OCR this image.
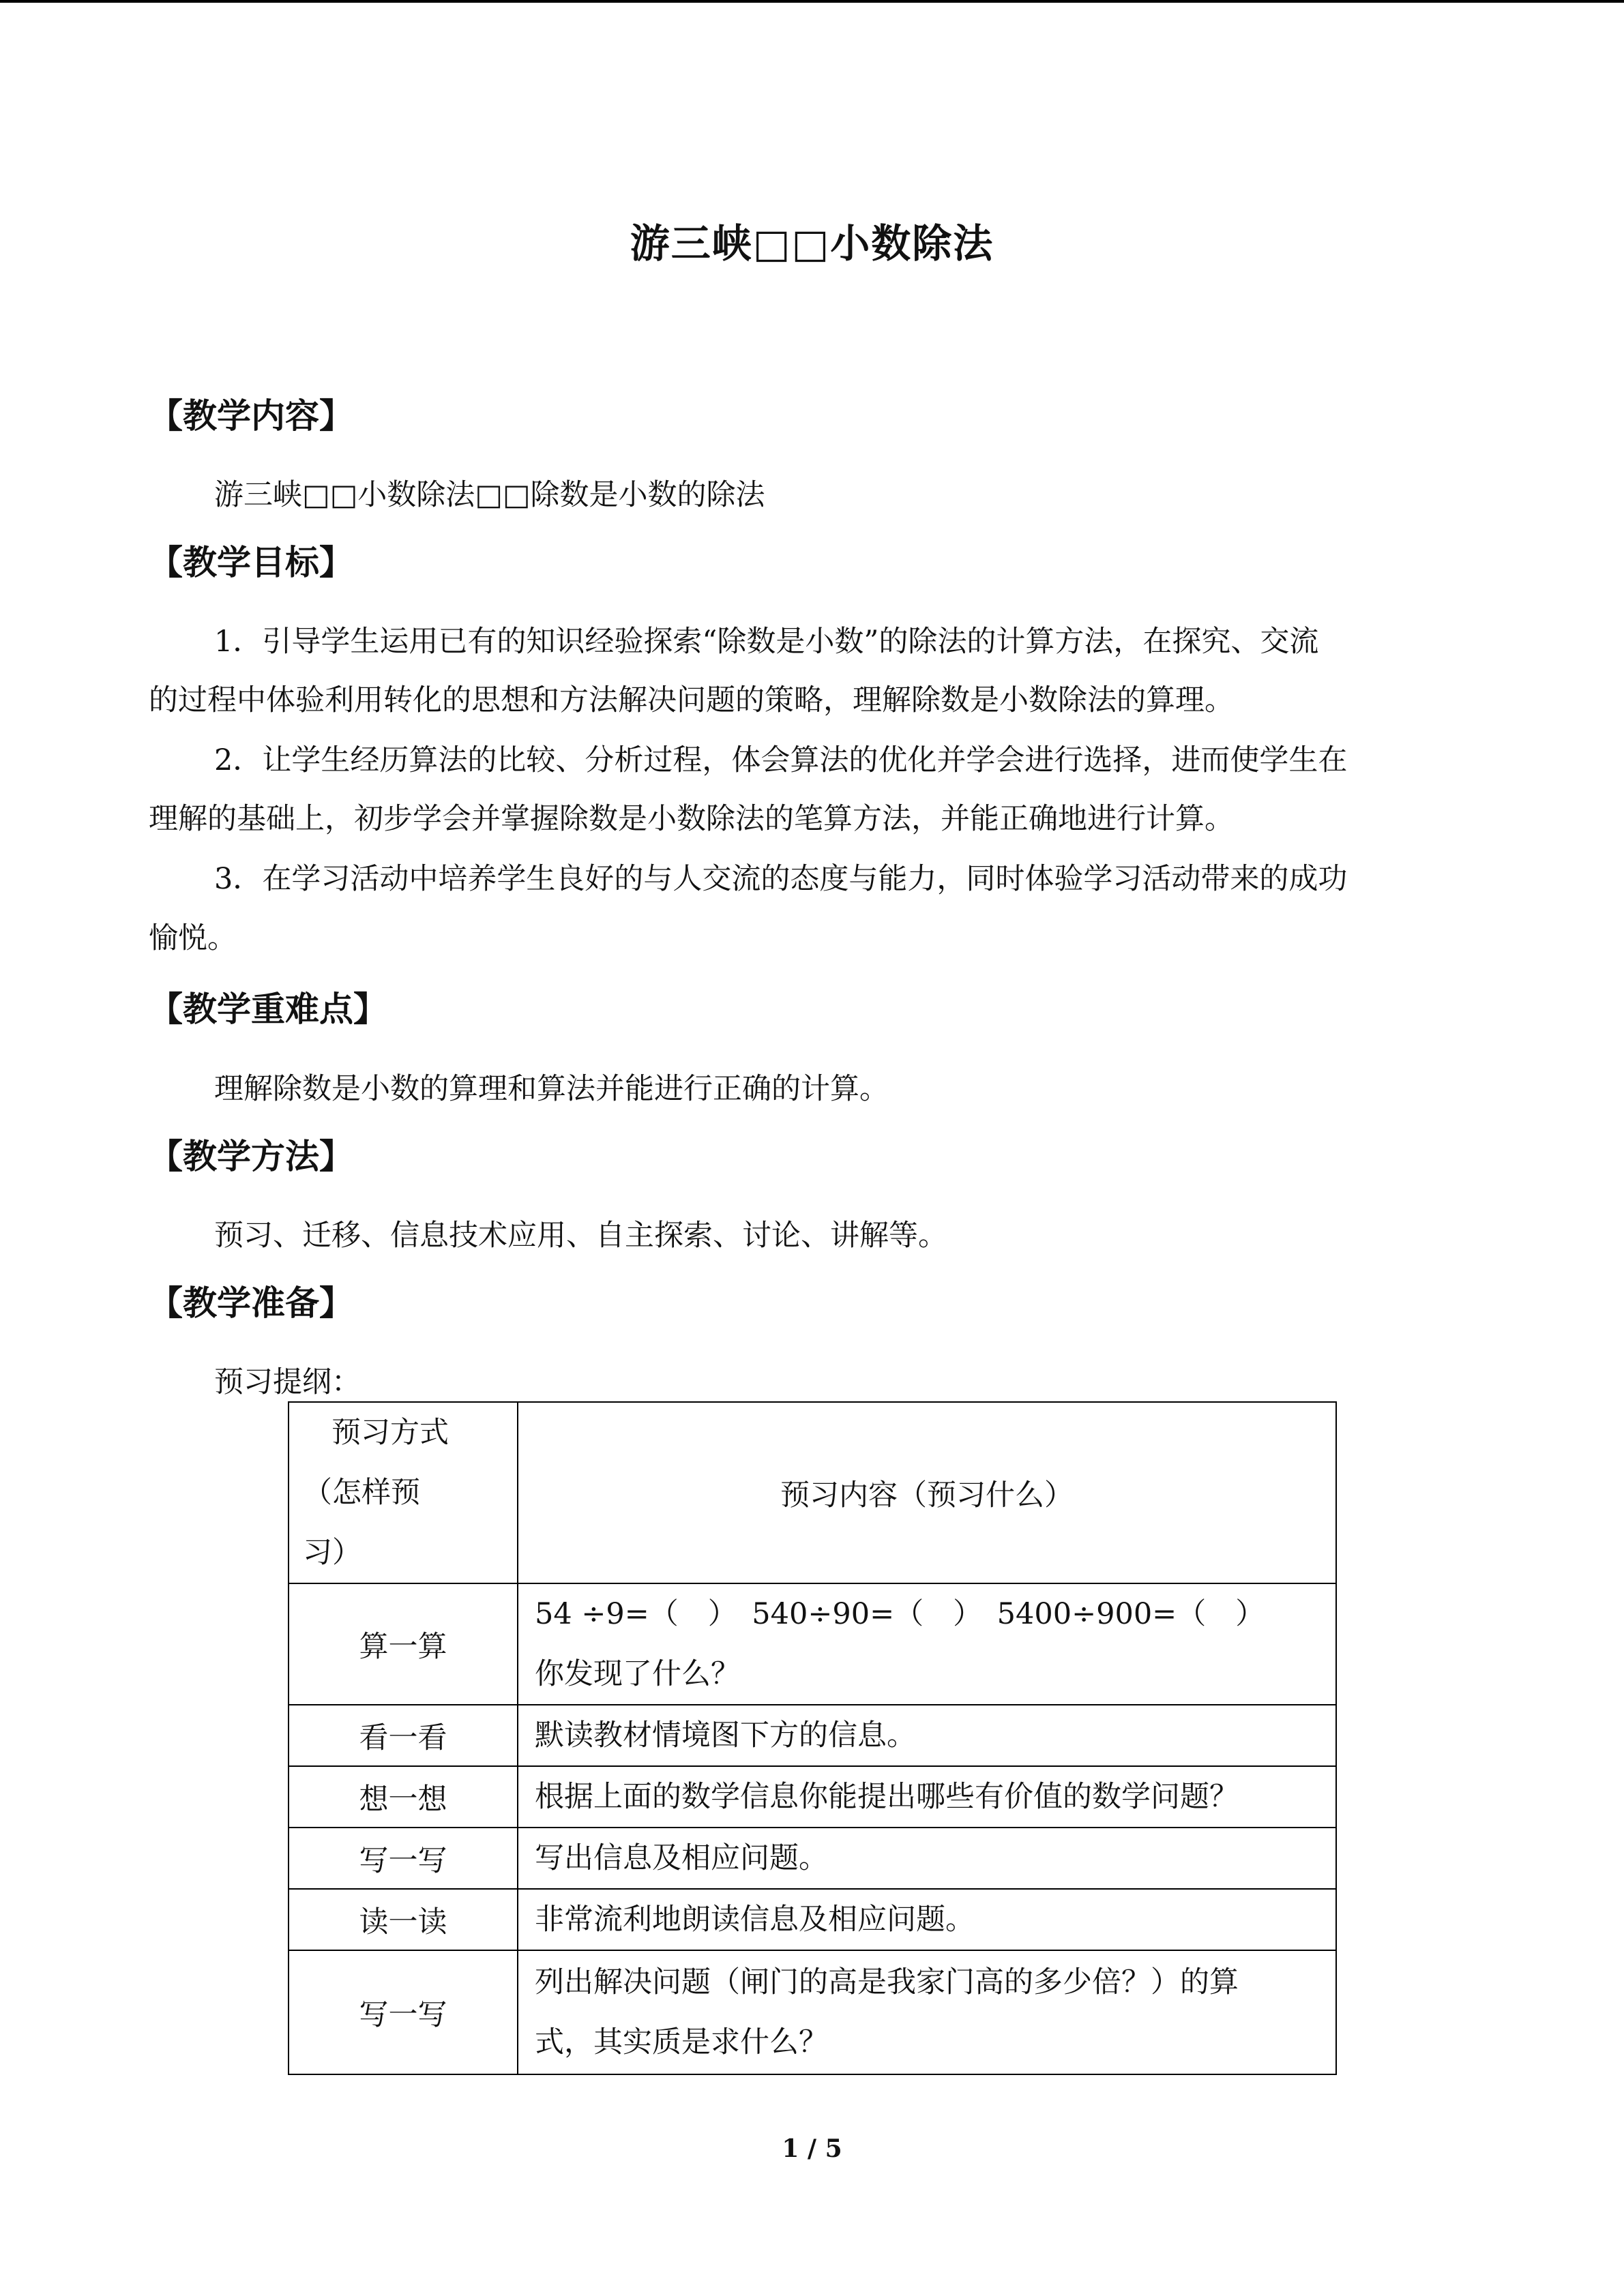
游三峡□□小数除法
【教学内容】
游三峡□□小数除法□□除数是小数的除法
【教学目标】
1．引导学生运用已有的知识经验探索“除数是小数”的除法的计算方法，在探究、交流
的过程中体验利用转化的思想和方法解决问题的策略，理解除数是小数除法的算理。
2．让学生经历算法的比较、分析过程，体会算法的优化并学会进行选择，进而使学生在
理解的基础上，初步学会并掌握除数是小数除法的笔算方法，并能正确地进行计算。
3．在学习活动中培养学生良好的与人交流的态度与能力，同时体验学习活动带来的成功
愉悦。
【教学重难点】
理解除数是小数的算理和算法并能进行正确的计算。
【教学方法】
预习、迁移、信息技术应用、自主探索、讨论、讲解等。
【教学准备】
预习提纲：
预习方式
（怎样预
习）	预习内容（预习什么）
算一算	54 ÷9=（　）　540÷90=（　）　5400÷900=（　）
你发现了什么？

看一看	默读教材情境图下方的信息。

想一想	根据上面的数学信息你能提出哪些有价值的数学问题？

写一写	写出信息及相应问题。

读一读	非常流利地朗读信息及相应问题。

写一写	列出解决问题（闸门的高是我家门高的多少倍？）的算
式，其实质是求什么？
1 / 5
